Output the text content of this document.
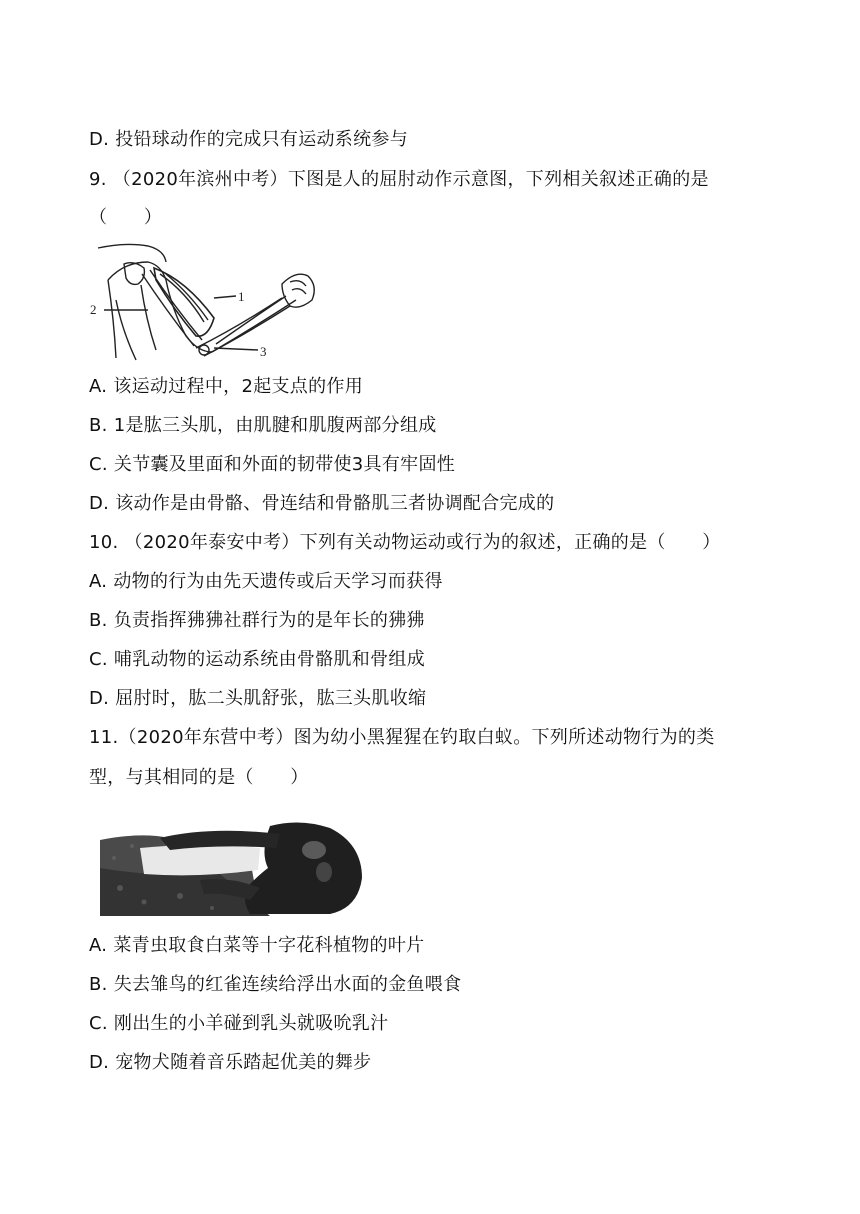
D. 投铅球动作的完成只有运动系统参与
9. （2020年滨州中考）下图是人的屈肘动作示意图，下列相关叙述正确的是
（　　）
1
2
3
A. 该运动过程中，2起支点的作用
B. 1是肱三头肌，由肌腱和肌腹两部分组成
C. 关节囊及里面和外面的韧带使3具有牢固性
D. 该动作是由骨骼、骨连结和骨骼肌三者协调配合完成的
10. （2020年泰安中考）下列有关动物运动或行为的叙述，正确的是（　　）
A. 动物的行为由先天遗传或后天学习而获得
B. 负责指挥狒狒社群行为的是年长的狒狒
C. 哺乳动物的运动系统由骨骼肌和骨组成
D. 屈肘时，肱二头肌舒张，肱三头肌收缩
11.（2020年东营中考）图为幼小黑猩猩在钓取白蚁。下列所述动物行为的类
型，与其相同的是（　　）
A. 菜青虫取食白菜等十字花科植物的叶片
B. 失去雏鸟的红雀连续给浮出水面的金鱼喂食
C. 刚出生的小羊碰到乳头就吸吮乳汁
D. 宠物犬随着音乐踏起优美的舞步
